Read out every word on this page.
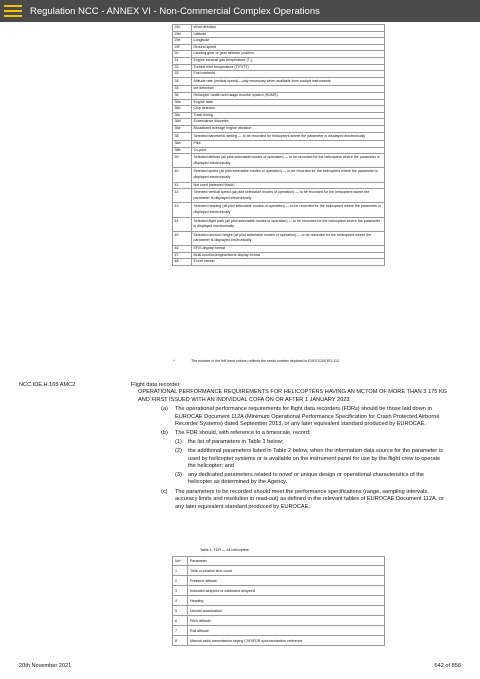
Regulation NCC - ANNEX VI - Non-Commercial Complex Operations
24c	Wind direction
29d	Latitude
29e	Longitude
29f	Ground speed
30	Landing gear or gear selector position
31	Engine exhaust gas temperature (T₄)
32	Turbine inlet temperature (TIT/ITT)
33	Fuel contents
34	Altitude rate (vertical speed)—only necessary when available from cockpit instruments
35	Ice detection
36	Helicopter health and usage monitor system (HUMS):
36a	Engine data
36b	Chip detector
36c	Track timing
36d	Exceedance discretes
36e	Broadband average engine vibration
38	Selected barometric setting — to be recorded for helicopters where the parameter is displayed electronically
38a	Pilot
38b	Co-pilot
39	Selected altitude (all pilot selectable modes of operation) — to be recorded for the helicopters where the parameter is displayed electronically
40	Selected speed (all pilot selectable modes of operation) — to be recorded for the helicopters where the parameter is displayed electronically
41	Not used (selected Mach)
42	Selected vertical speed (all pilot selectable modes of operation) — to be recorded for the helicopters where the parameter is displayed electronically
43	Selected heading (all pilot selectable modes of operation) — to be recorded for the helicopters where the parameter is displayed electronically
44	Selected flight path (all pilot selectable modes of operation) — to be recorded for the helicopters where the parameter is displayed electronically
45	Selected decision height (all pilot selectable modes of operation) — to be recorded for the helicopters where the parameter is displayed electronically
46	EFIS display format
47	Multi-function/engine/alerts display format
48	Event marker
*	The number in the left hand column reflects the serial number depicted in EUROCAE ED-112.
NCC.IDE.H.165 AMC2	Flight data recorder

OPERATIONAL PERFORMANCE REQUIREMENTS FOR HELICOPTERS HAVING AN MCTOM OF MORE THAN 3 175 KG AND FIRST ISSUED WITH AN INDIVIDUAL COFA ON OR AFTER 1 JANUARY 2023

(a)	The operational performance requirements for flight data recorders (FDRs) should be those laid down in EUROCAE Document 112A (Minimum Operational Performance Specification for Crash Protected Airborne Recorder Systems) dated September 2013, or any later equivalent standard produced by EUROCAE.
(b)	The FDR should, with reference to a timescale, record:
(1)	the list of parameters in Table 1 below;
(2)	the additional parameters listed in Table 2 below, when the information data source for the parameter is used by helicopter systems or is available on the instrument panel for use by the flight crew to operate the helicopter; and
(3)	any dedicated parameters related to novel or unique design or operational characteristics of the helicopter as determined by the Agency.
(c)	The parameters to be recorded should meet the performance specifications (range, sampling intervals, accuracy limits and resolution in read-out) as defined in the relevant tables of EUROCAE Document 112A, or any later equivalent standard produced by EUROCAE.
Table 1: FDR — All helicopters
No*	Parameter
1	Time or relative time count
2	Pressure altitude
3	Indicated airspeed or calibrated airspeed
4	Heading
5	Normal acceleration
6	Pitch attitude
7	Roll attitude
8	Manual radio transmission keying CVR/FDR synchronisation reference
20th November 2021	642 of 856
